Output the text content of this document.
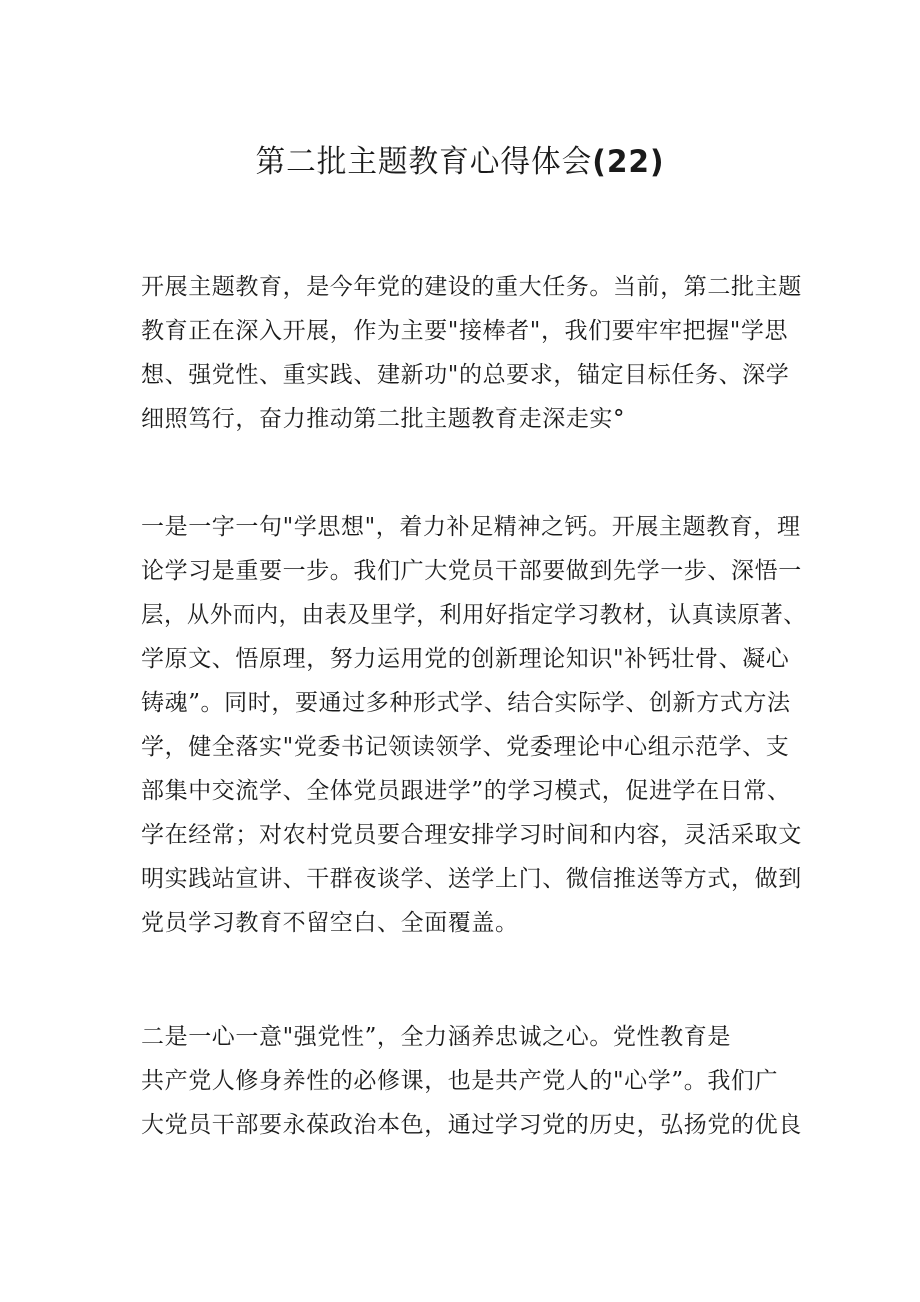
第二批主题教育心得体会(22)
开展主题教育，是今年党的建设的重大任务。当前，第二批主题
教育正在深入开展，作为主要"接棒者"，我们要牢牢把握"学思
想、强党性、重实践、建新功"的总要求，锚定目标任务、深学
细照笃行，奋力推动第二批主题教育走深走实°
一是一字一句"学思想"，着力补足精神之钙。开展主题教育，理
论学习是重要一步。我们广大党员干部要做到先学一步、深悟一
层，从外而内，由表及里学，利用好指定学习教材，认真读原著、
学原文、悟原理，努力运用党的创新理论知识"补钙壮骨、凝心
铸魂”。同时，要通过多种形式学、结合实际学、创新方式方法
学，健全落实"党委书记领读领学、党委理论中心组示范学、支
部集中交流学、全体党员跟进学”的学习模式，促进学在日常、
学在经常；对农村党员要合理安排学习时间和内容，灵活采取文
明实践站宣讲、干群夜谈学、送学上门、微信推送等方式，做到
党员学习教育不留空白、全面覆盖。
二是一心一意"强党性”，全力涵养忠诚之心。党性教育是
共产党人修身养性的必修课，也是共产党人的"心学”。我们广
大党员干部要永葆政治本色，通过学习党的历史，弘扬党的优良
